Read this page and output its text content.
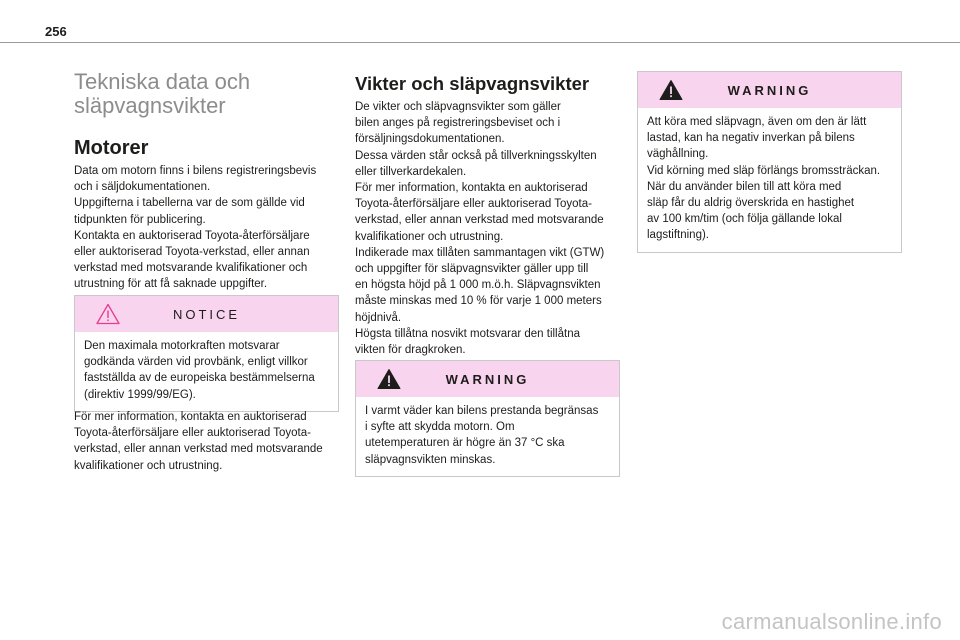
256
Tekniska data och
släpvagnsvikter
Motorer

Data om motorn finns i bilens registreringsbevis
och i säljdokumentationen.
Uppgifterna i tabellerna var de som gällde vid
tidpunkten för publicering.
Kontakta en auktoriserad Toyota-återförsäljare
eller auktoriserad Toyota-verkstad, eller annan
verkstad med motsvarande kvalifikationer och
utrustning för att få saknade uppgifter.

NOTICE
Den maximala motorkraften motsvarar
godkända värden vid provbänk, enligt villkor
fastställda av de europeiska bestämmelserna
(direktiv 1999/99/EG).

För mer information, kontakta en auktoriserad
Toyota-återförsäljare eller auktoriserad Toyota-
verkstad, eller annan verkstad med motsvarande
kvalifikationer och utrustning.

Vikter och släpvagnsvikter

De vikter och släpvagnsvikter som gäller
bilen anges på registreringsbeviset och i
försäljningsdokumentationen.
Dessa värden står också på tillverkningsskylten
eller tillverkardekalen.
För mer information, kontakta en auktoriserad
Toyota-återförsäljare eller auktoriserad Toyota-
verkstad, eller annan verkstad med motsvarande
kvalifikationer och utrustning.
Indikerade max tillåten sammantagen vikt (GTW)
och uppgifter för släpvagnsvikter gäller upp till
en högsta höjd på 1 000 m.ö.h. Släpvagnsvikten
måste minskas med 10 % för varje 1 000 meters
höjdnivå.
Högsta tillåtna nosvikt motsvarar den tillåtna
vikten för dragkroken.

WARNING
I varmt väder kan bilens prestanda begränsas
i syfte att skydda motorn. Om
utetemperaturen är högre än 37 °C ska
släpvagnsvikten minskas.
WARNING
Att köra med släpvagn, även om den är lätt
lastad, kan ha negativ inverkan på bilens
väghållning.
Vid körning med släp förlängs bromssträckan.
När du använder bilen till att köra med
släp får du aldrig överskrida en hastighet
av 100 km/tim (och följa gällande lokal
lagstiftning).
carmanualsonline.info
